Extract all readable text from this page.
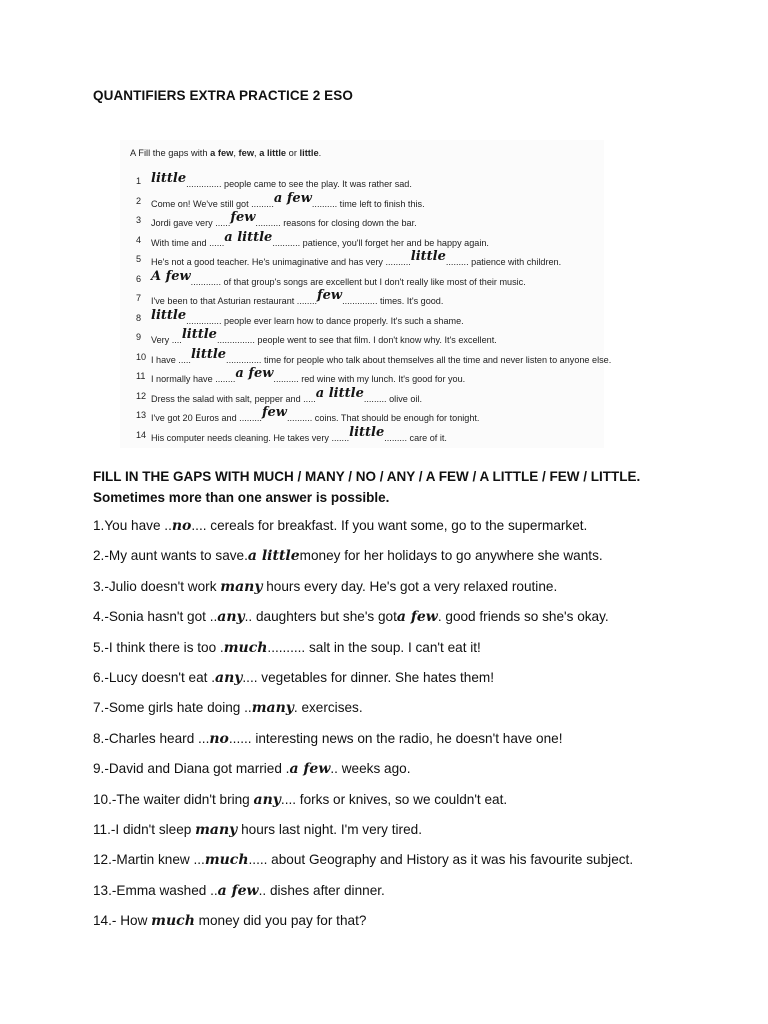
QUANTIFIERS EXTRA PRACTICE 2 ESO
A Fill the gaps with a few, few, a little or little.
1 little.............. people came to see the play. It was rather sad.
2	Come on! We've still got .........a few.......... time left to finish this.
3	Jordi gave very ......few.......... reasons for closing down the bar.
4	With time and ......a little........... patience, you'll forget her and be happy again.
5	He's not a good teacher. He's unimaginative and has very ..........little......... patience with children.
6 A few............ of that group's songs are excellent but I don't really like most of their music.
7	I've been to that Asturian restaurant ........few.............. times. It's good.
8 little.............. people ever learn how to dance properly. It's such a shame.
9	Very ....little............... people went to see that film. I don't know why. It's excellent.
10 I have .....little.............. time for people who talk about themselves all the time and never listen to anyone else.
11 I normally have ........a few.......... red wine with my lunch. It's good for you.
12 Dress the salad with salt, pepper and .....a little......... olive oil.
13 I've got 20 Euros and .........few.......... coins. That should be enough for tonight.
14 His computer needs cleaning. He takes very .......little......... care of it.
FILL IN THE GAPS WITH MUCH / MANY / NO / ANY / A FEW / A LITTLE / FEW / LITTLE.
Sometimes more than one answer is possible.
1.You have ..no.... cereals for breakfast. If you want some, go to the supermarket.
2.-My aunt wants to save.a littlemoney for her holidays to go anywhere she wants.
3.-Julio doesn't work many hours every day. He's got a very relaxed routine.
4.-Sonia hasn't got ..any.. daughters but she's gota few. good friends so she's okay.
5.-I think there is too .much.......... salt in the soup. I can't eat it!
6.-Lucy doesn't eat .any.... vegetables for dinner. She hates them!
7.-Some girls hate doing ..many. exercises.
8.-Charles heard ...no...... interesting news on the radio, he doesn't have one!
9.-David and Diana got married .a few.. weeks ago.
10.-The waiter didn't bring any.... forks or knives, so we couldn't eat.
11.-I didn't sleep many hours last night. I'm very tired.
12.-Martin knew ...much..... about Geography and History as it was his favourite subject.
13.-Emma washed ..a few.. dishes after dinner.
14.- How much money did you pay for that?
